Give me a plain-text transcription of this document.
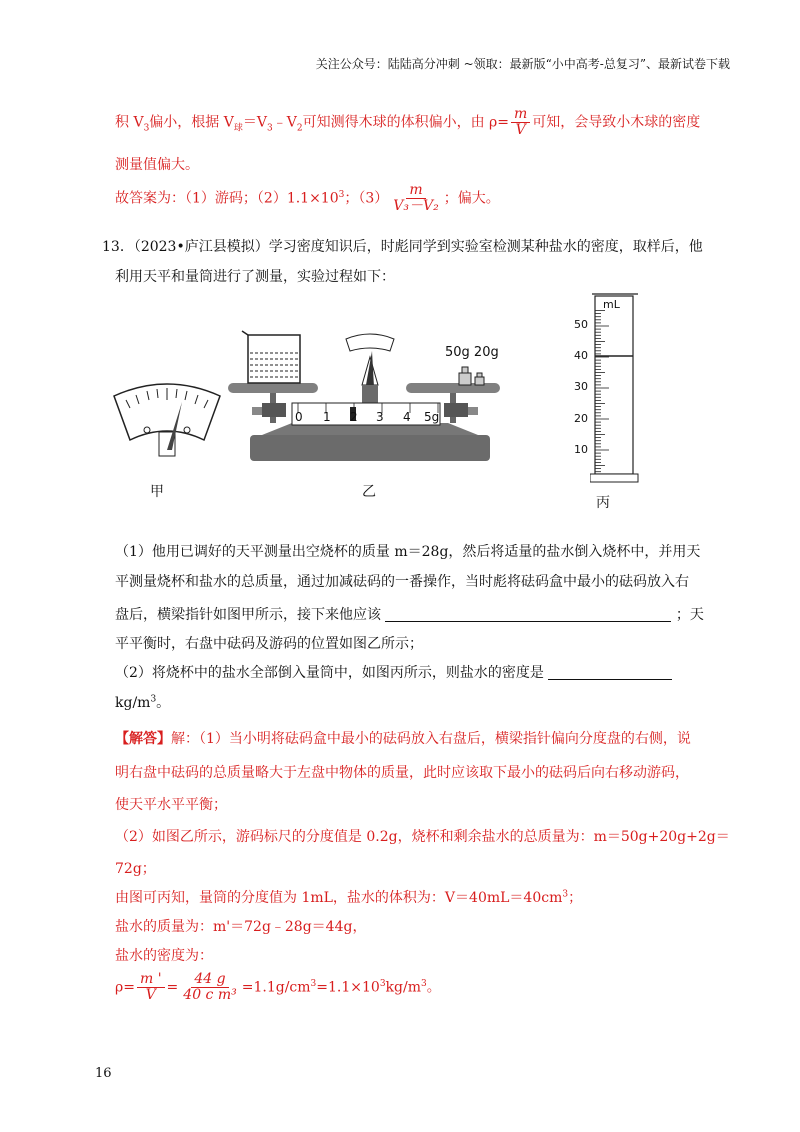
关注公众号：陆陆高分冲刺 ~领取：最新版“小中高考-总复习”、最新试卷下载
积 $V_3$偏小，根据 $V_球=V_3﹣V_2$可知测得木球的体积偏小，由 $\rho= \frac{m}{V}$ 可知，会导致小木球的密度
测量值偏大。
故答案为：（1）游码；$(2)1.1\times 10^3$；$(3) \frac{m}{\text{V₃－V₂}}$ ；偏大。
13．（2023•庐江县模拟）学习密度知识后，时彪同学到实验室检测某种盐水的密度，取样后，他
利用天平和量筒进行了测量，实验过程如下：
甲
0 1 2 3 4 5g
50g 20g
乙
mL
50
40
30
20
10
丙
（1）他用已调好的天平测量出空烧杯的质量 m＝28g，然后将适量的盐水倒入烧杯中，并用天
平测量烧杯和盐水的总质量，通过加减砝码的一番操作，当时彪将砝码盒中最小的砝码放入右
盘后，横梁指针如图甲所示，接下来他应该	；天
平平衡时，右盘中砝码及游码的位置如图乙所示；
（2）将烧杯中的盐水全部倒入量筒中，如图丙所示，则盐水的密度是
$kg/m^3$。
【解答】解：（1）当小明将砝码盒中最小的砝码放入右盘后，横梁指针偏向分度盘的右侧，说
明右盘中砝码的总质量略大于左盘中物体的质量，此时应该取下最小的砝码后向右移动游码，
使天平水平平衡；
（2）如图乙所示，游码标尺的分度值是 0.2g，烧杯和剩余盐水的总质量为：m＝50g+20g+2g＝
72g；
由图可丙知，量筒的分度值为 1mL，盐水的体积为：$V=40mL=40cm^3$；
盐水的质量为：m'＝72g﹣28g＝44g，
盐水的密度为：
$\rho= \frac{m '}{V} = \frac{44 g}{\text{40 c m³}} =1.1g/cm^3=1.1\times 10^3kg/m^3$。
16
